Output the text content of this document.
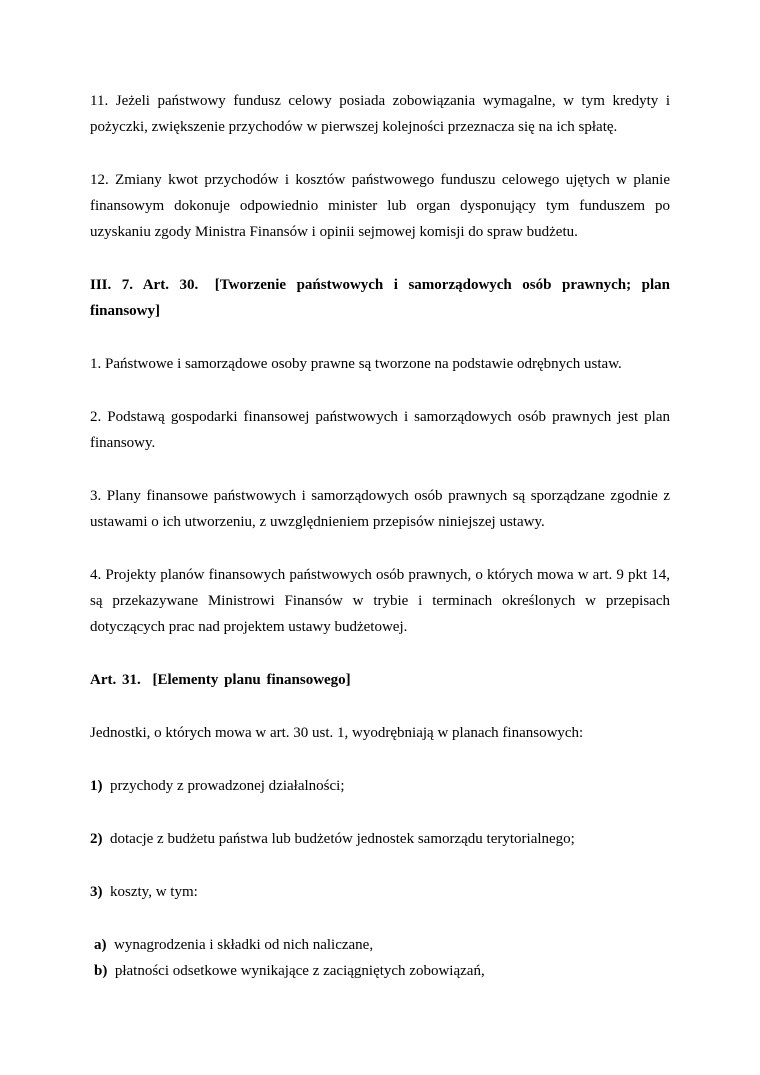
11. Jeżeli państwowy fundusz celowy posiada zobowiązania wymagalne, w tym kredyty i pożyczki, zwiększenie przychodów w pierwszej kolejności przeznacza się na ich spłatę.

12. Zmiany kwot przychodów i kosztów państwowego funduszu celowego ujętych w planie finansowym dokonuje odpowiednio minister lub organ dysponujący tym funduszem po uzyskaniu zgody Ministra Finansów i opinii sejmowej komisji do spraw budżetu.

III. 7. Art. 30. [Tworzenie państwowych i samorządowych osób prawnych; plan finansowy]

1. Państwowe i samorządowe osoby prawne są tworzone na podstawie odrębnych ustaw.

2. Podstawą gospodarki finansowej państwowych i samorządowych osób prawnych jest plan finansowy.

3. Plany finansowe państwowych i samorządowych osób prawnych są sporządzane zgodnie z ustawami o ich utworzeniu, z uwzględnieniem przepisów niniejszej ustawy.

4. Projekty planów finansowych państwowych osób prawnych, o których mowa w art. 9 pkt 14, są przekazywane Ministrowi Finansów w trybie i terminach określonych w przepisach dotyczących prac nad projektem ustawy budżetowej.

Art. 31. [Elementy planu finansowego]

Jednostki, o których mowa w art. 30 ust. 1, wyodrębniają w planach finansowych:

1) przychody z prowadzonej działalności;

2) dotacje z budżetu państwa lub budżetów jednostek samorządu terytorialnego;

3) koszty, w tym:

a) wynagrodzenia i składki od nich naliczane,

b) płatności odsetkowe wynikające z zaciągniętych zobowiązań,
